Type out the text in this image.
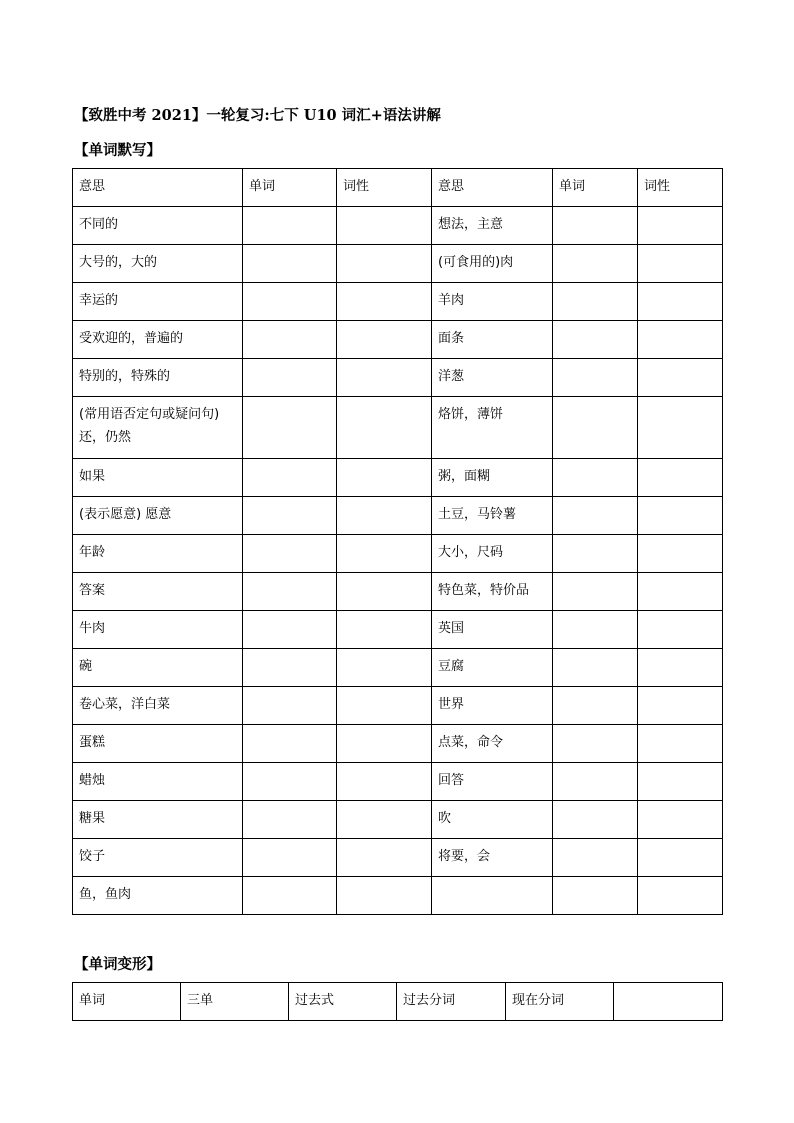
【致胜中考 2021】一轮复习:七下 U10 词汇+语法讲解
【单词默写】
意思	单词	词性	意思	单词	词性
不同的			想法，主意		
大号的，大的			(可食用的)肉		
幸运的			羊肉		
受欢迎的，普遍的			面条		
特别的，特殊的			洋葱		
(常用语否定句或疑问句) 还，仍然			烙饼，薄饼		
如果			粥，面糊		
(表示愿意) 愿意			土豆，马铃薯		
年龄			大小，尺码		
答案			特色菜，特价品		
牛肉			英国		
碗			豆腐		
卷心菜，洋白菜			世界		
蛋糕			点菜，命令		
蜡烛			回答		
糖果			吹		
饺子			将要，会		
鱼，鱼肉					
【单词变形】
单词	三单	过去式	过去分词	现在分词	
